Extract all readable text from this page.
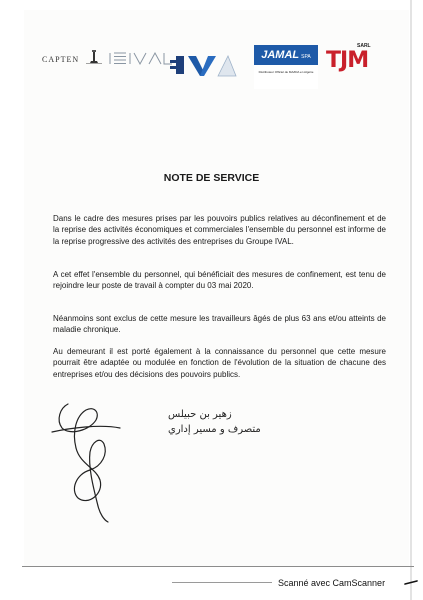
CAPTEN	JAMAL SPA
Distributeur Officiel de MAZDA en Algérie
SARL
TJM
NOTE DE SERVICE
Dans le cadre des mesures prises par les pouvoirs publics relatives au déconfinement et de la reprise des activités économiques et commerciales l'ensemble du personnel est informe de la reprise progressive des activités des entreprises du Groupe IVAL.
A cet effet l'ensemble du personnel, qui bénéficiait des mesures de confinement, est tenu de rejoindre leur poste de travail à compter du 03 mai 2020.
Néanmoins sont exclus de cette mesure les travailleurs âgés de plus 63 ans et/ou atteints de maladie chronique.
Au demeurant il est porté également à la connaissance du personnel que cette mesure pourrait être adaptée ou modulée en fonction de l'évolution de la situation de chacune des entreprises et/ou des décisions des pouvoirs publics.
زهير بن حبيلس
متصرف و مسير إداري
Scanné avec CamScanner
